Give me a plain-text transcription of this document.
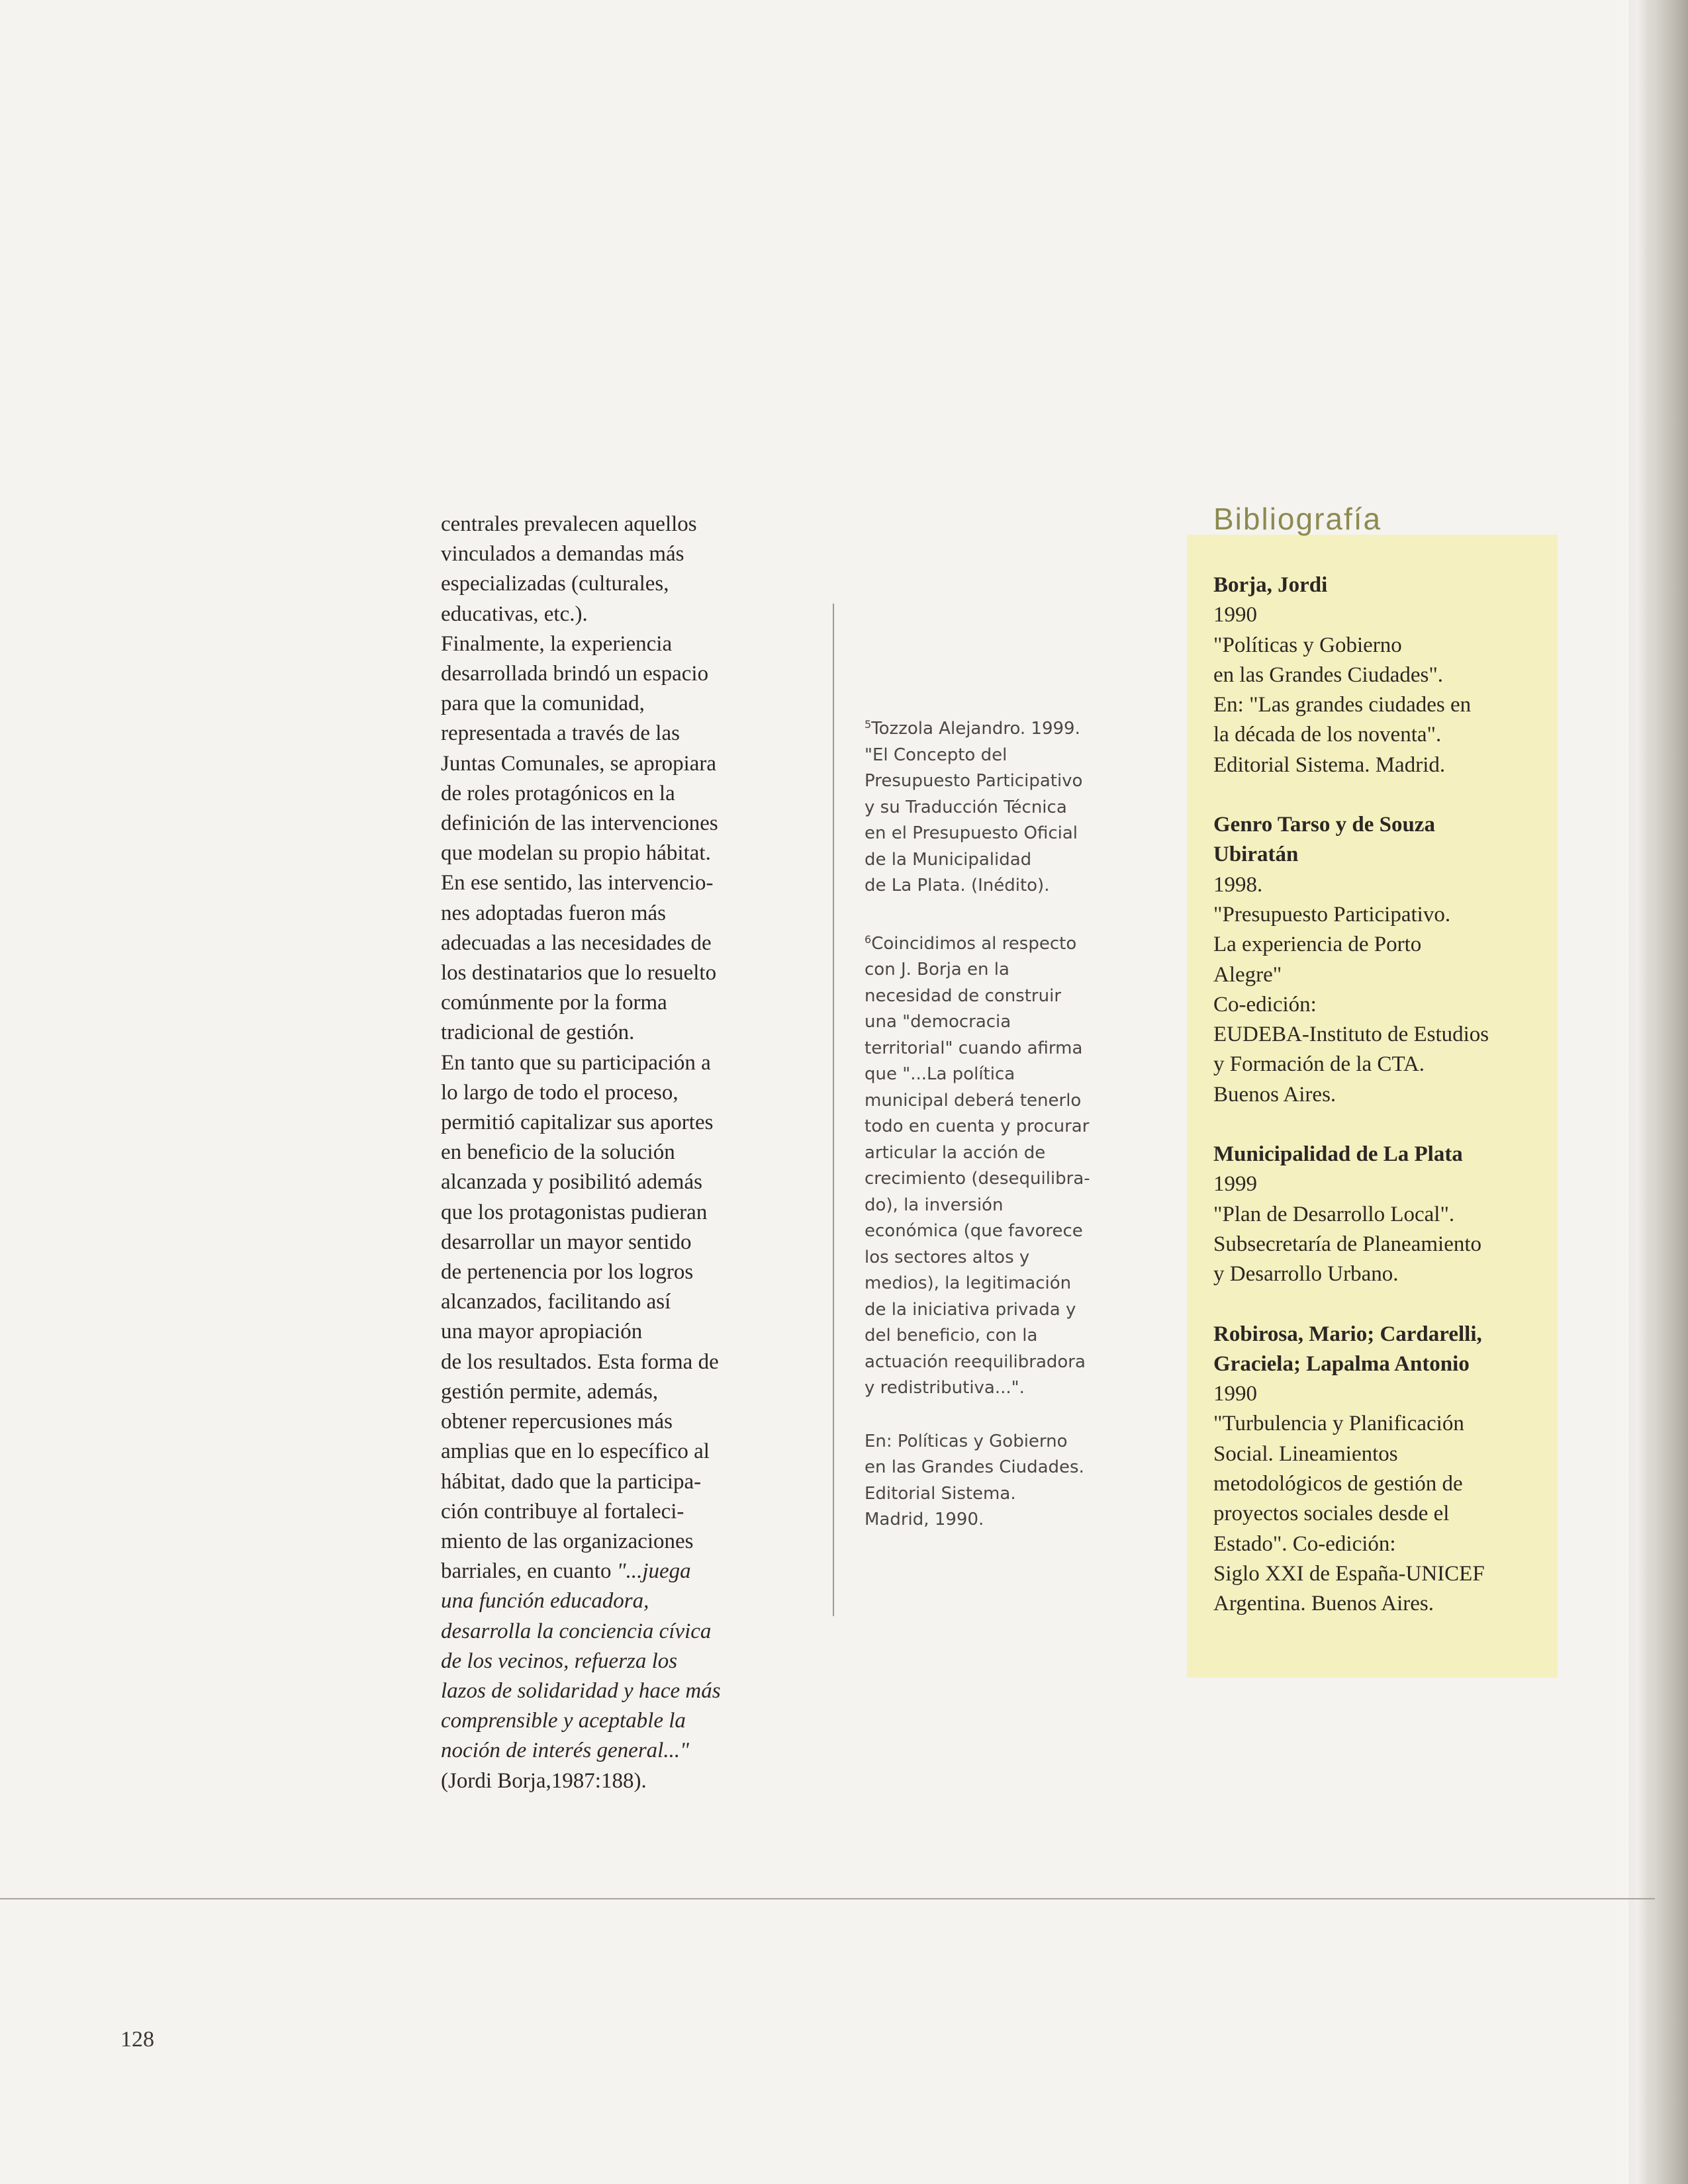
centrales prevalecen aquellos
vinculados a demandas más
especializadas (culturales,
educativas, etc.).
Finalmente, la experiencia
desarrollada brindó un espacio
para que la comunidad,
representada a través de las
Juntas Comunales, se apropiara
de roles protagónicos en la
definición de las intervenciones
que modelan su propio hábitat.
En ese sentido, las intervencio-
nes adoptadas fueron más
adecuadas a las necesidades de
los destinatarios que lo resuelto
comúnmente por la forma
tradicional de gestión.
En tanto que su participación a
lo largo de todo el proceso,
permitió capitalizar sus aportes
en beneficio de la solución
alcanzada y posibilitó además
que los protagonistas pudieran
desarrollar un mayor sentido
de pertenencia por los logros
alcanzados, facilitando así
una mayor apropiación
de los resultados. Esta forma de
gestión permite, además,
obtener repercusiones más
amplias que en lo específico al
hábitat, dado que la participa-
ción contribuye al fortaleci-
miento de las organizaciones
barriales, en cuanto "...juega
una función educadora,
desarrolla la conciencia cívica
de los vecinos, refuerza los
lazos de solidaridad y hace más
comprensible y aceptable la
noción de interés general..."
(Jordi Borja,1987:188).
$^5$Tozzola Alejandro. 1999.
"El Concepto del
Presupuesto Participativo
y su Traducción Técnica
en el Presupuesto Oficial
de la Municipalidad
de La Plata. (Inédito).
$^6$Coincidimos al respecto
con J. Borja en la
necesidad de construir
una "democracia
territorial" cuando afirma
que "...La política
municipal deberá tenerlo
todo en cuenta y procurar
articular la acción de
crecimiento (desequilibra-
do), la inversión
económica (que favorece
los sectores altos y
medios), la legitimación
de la iniciativa privada y
del beneficio, con la
actuación reequilibradora
y redistributiva...".
En: Políticas y Gobierno
en las Grandes Ciudades.
Editorial Sistema.
Madrid, 1990.
Bibliografía
Borja, Jordi
1990
"Políticas y Gobierno
en las Grandes Ciudades".
En: "Las grandes ciudades en
la década de los noventa".
Editorial Sistema. Madrid.
Genro Tarso y de Souza
Ubiratán
1998.
"Presupuesto Participativo.
La experiencia de Porto
Alegre"
Co-edición:
EUDEBA-Instituto de Estudios
y Formación de la CTA.
Buenos Aires.
Municipalidad de La Plata
1999
"Plan de Desarrollo Local".
Subsecretaría de Planeamiento
y Desarrollo Urbano.
Robirosa, Mario; Cardarelli,
Graciela; Lapalma Antonio
1990
"Turbulencia y Planificación
Social. Lineamientos
metodológicos de gestión de
proyectos sociales desde el
Estado". Co-edición:
Siglo XXI de España-UNICEF
Argentina. Buenos Aires.
128
